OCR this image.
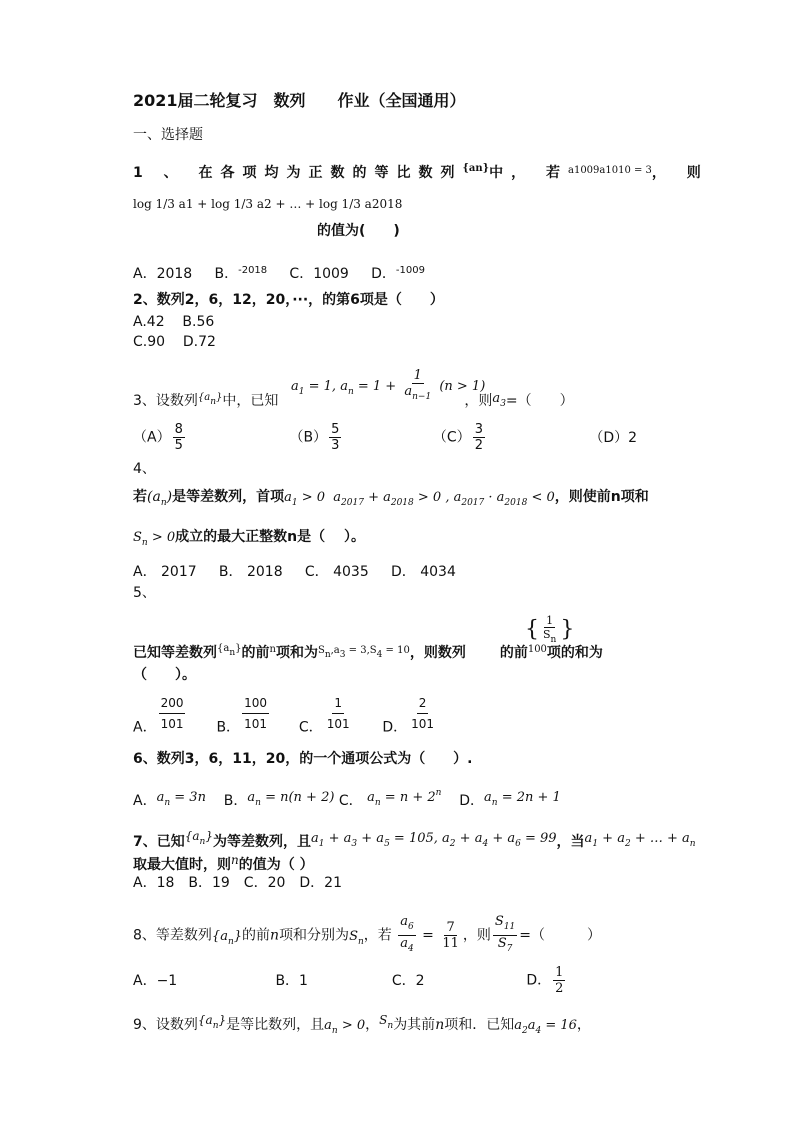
2021届二轮复习　数列　　作业（全国通用）
一、选择题
1 、 在各项均为正数的等比数列$^{\{an\}}$中， 若$^{a1009a1010 = 3}$， 则
log 1/3 a1 + log 1/3 a2 + … + log 1/3 a2018
的值为(　　)
A．2018 B．$^{-2018}$ C．1009 D．$^{-1009}$
2、数列2，6，12，20，···，的第6项是（　　）
A.42 B.56
C.90 D.72
$a_1 = 1$, $a_n = 1 + \frac{1}{a_{n-1}} (n > 1)$
3、设数列$^{\{an\}}$中，已知	，则$a_3=$（　　）
$(A) \frac{8}{5}$	$(B) \frac{5}{3}$	$(C) \frac{3}{2}$	（D）2
4、
若$(a_n)$是等差数列，首项$a_1 > 0$  $a_{2017} + a_{2018} > 0$ , $a_{2017} \cdot a_{2018} < 0$，则使前n项和
$S_n > 0$成立的最大正整数n是（　 ）。
A． 2017 B． 2018 C． 4035 D． 4034
5、
{ $\frac{1}{S_n}$ }
已知等差数列$^{\{an\}}$的前$^n$项和为$^{Sn,a3 = 3,S4 = 10}$，则数列 的前$^{100}$项的和为
（　　）。
A． $\frac{200}{101}$ B． $\frac{100}{101}$ C． $\frac{1}{101}$ D． $\frac{2}{101}$
6、数列3，6，11，20，的一个通项公式为（　　）.
A．$a_n = 3n$ B．$a_n = n(n + 2)$ C． $a_n = n + 2^n$ D．$a_n = 2n + 1$
7、已知$\{a_n\}$为等差数列，且$a_1 + a_3 + a_5 = 105$, $a_2 + a_4 + a_6 = 99$，当$a_1 + a_2$ + … + $a_n$
取最大值时，则n的值为（ ）
A．18　B．19　C．20　D．21
8、等差数列$\{a_n\}$的前n项和分别为$S_n$，若 $\frac{a_6}{a_4} = \frac{7}{11}$ ，则 $\frac{S_{11}}{S_7}$ =（　　　）
A．−1	B．1	C．2	D． $\frac{1}{2}$
9、设数列$\{a_n\}$是等比数列，且$a_n > 0$，$S_n$为其前n项和．已知$a_2a_4 = 16$，
